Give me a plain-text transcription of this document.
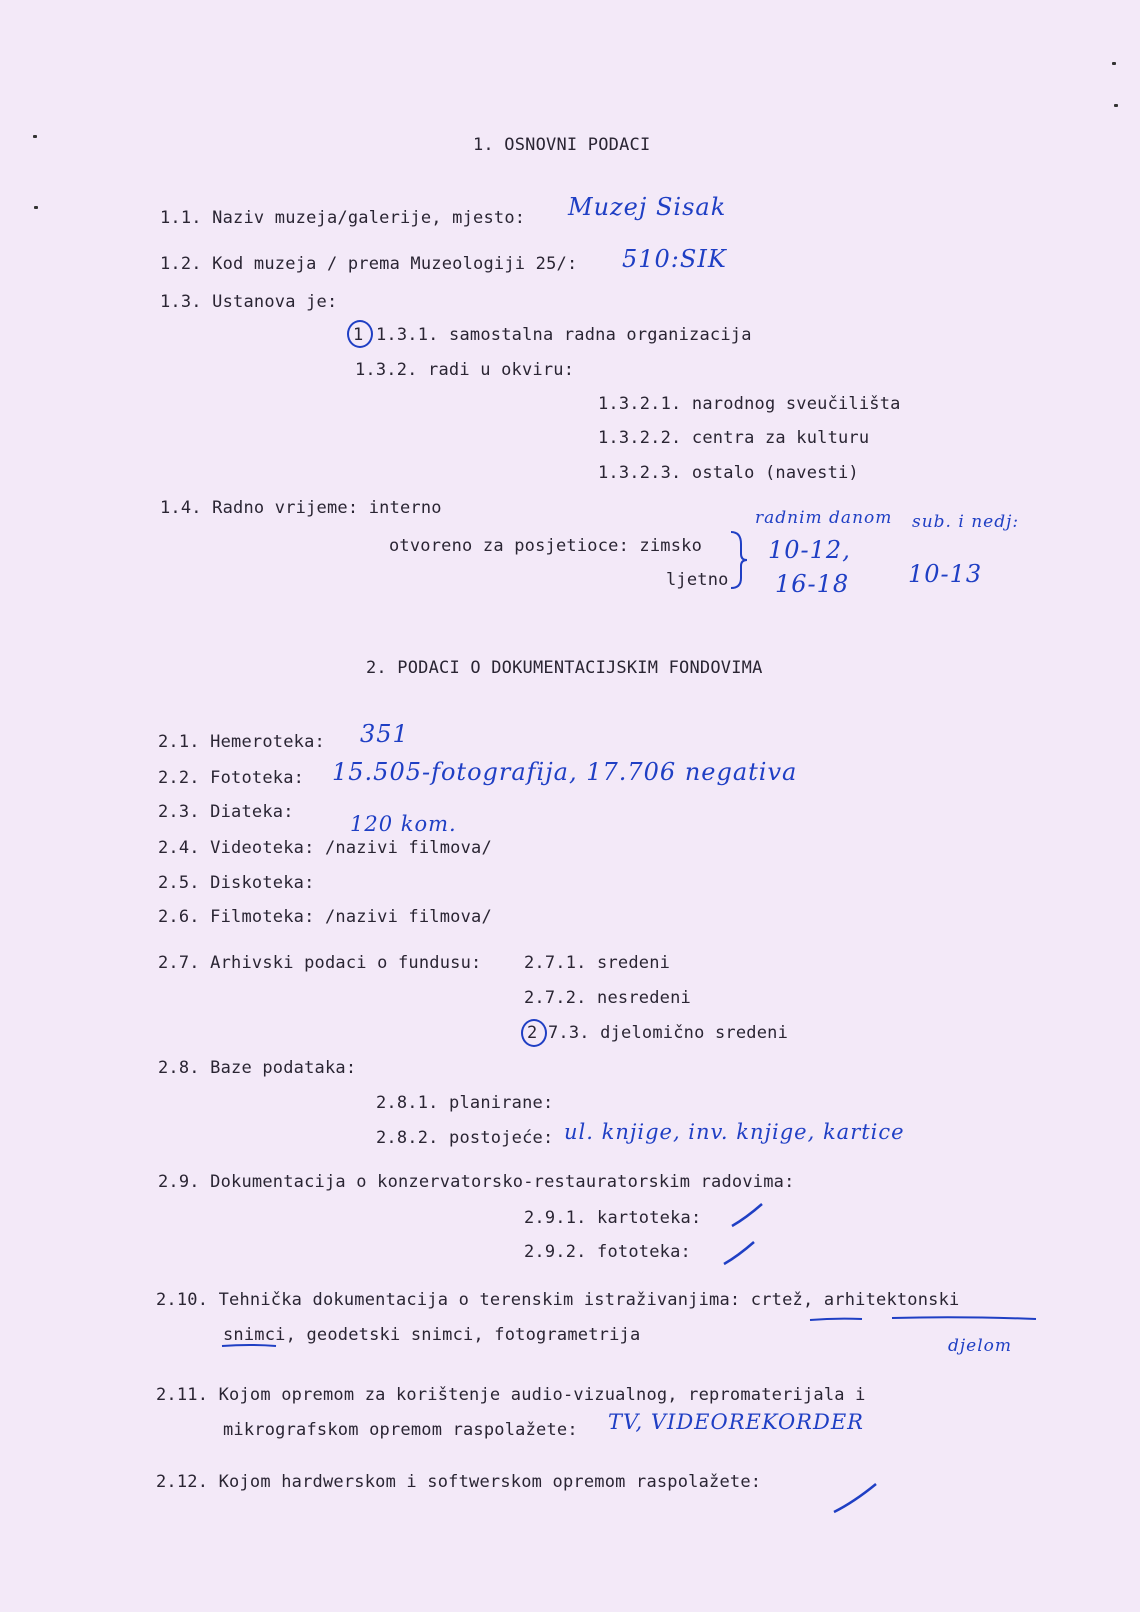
1. OSNOVNI PODACI
1.1. Naziv muzeja/galerije, mjesto: Muzej Sisak
1.2. Kod muzeja / prema Muzeologiji 25/: 510:SIK
1.3. Ustanova je:
1 1.3.1. samostalna radna organizacija
1.3.2. radi u okviru:
1.3.2.1. narodnog sveučilišta
1.3.2.2. centra za kulturu
1.3.2.3. ostalo (navesti)
1.4. Radno vrijeme: interno
otvoreno za posjetioce: zimsko
ljetno
radnim danom
10-12,
16-18
sub. i nedj:
10-13
2. PODACI O DOKUMENTACIJSKIM FONDOVIMA
2.1. Hemeroteka: 351
2.2. Fototeka: 15.505-fotografija, 17.706 negativa
2.3. Diateka:	120 kom.
2.4. Videoteka: /nazivi filmova/
2.5. Diskoteka:
2.6. Filmoteka: /nazivi filmova/
2.7. Arhivski podaci o fundusu:	2.7.1. sredeni
2.7.2. nesredeni
2 7.3. djelomično sredeni
2.8. Baze podataka:
2.8.1. planirane:
2.8.2. postojeće: ul. knjige, inv. knjige, kartice
2.9. Dokumentacija o konzervatorsko-restauratorskim radovima:
2.9.1. kartoteka:
2.9.2. fototeka:
2.10. Tehnička dokumentacija o terenskim istraživanjima: crtež, arhitektonski
snimci, geodetski snimci, fotogrametrija
djelom
2.11. Kojom opremom za korištenje audio-vizualnog, repromaterijala i
mikrografskom opremom raspolažete: TV, VIDEOREKORDER
2.12. Kojom hardwerskom i softwerskom opremom raspolažete:
